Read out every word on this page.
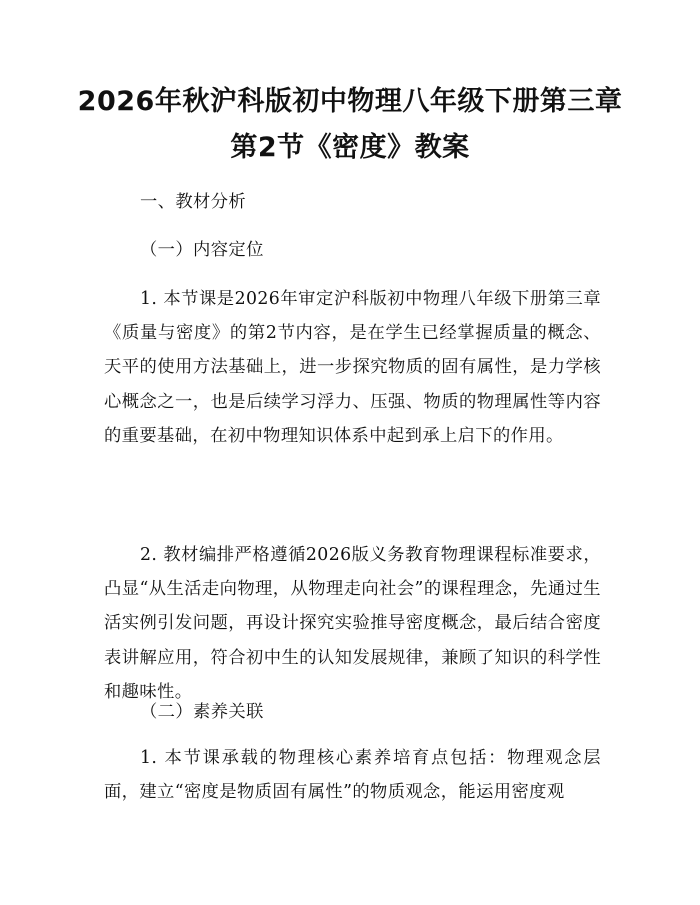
2026年秋沪科版初中物理八年级下册第三章
第2节《密度》教案
一、教材分析
（一）内容定位

1. 本节课是2026年审定沪科版初中物理八年级下册第三章《质量与密度》的第2节内容，是在学生已经掌握质量的概念、天平的使用方法基础上，进一步探究物质的固有属性，是力学核心概念之一，也是后续学习浮力、压强、物质的物理属性等内容的重要基础，在初中物理知识体系中起到承上启下的作用。

2. 教材编排严格遵循2026版义务教育物理课程标准要求，凸显“从生活走向物理，从物理走向社会”的课程理念，先通过生活实例引发问题，再设计探究实验推导密度概念，最后结合密度表讲解应用，符合初中生的认知发展规律，兼顾了知识的科学性和趣味性。

（二）素养关联

1. 本节课承载的物理核心素养培育点包括：物理观念层面，建立“密度是物质固有属性”的物质观念，能运用密度观
